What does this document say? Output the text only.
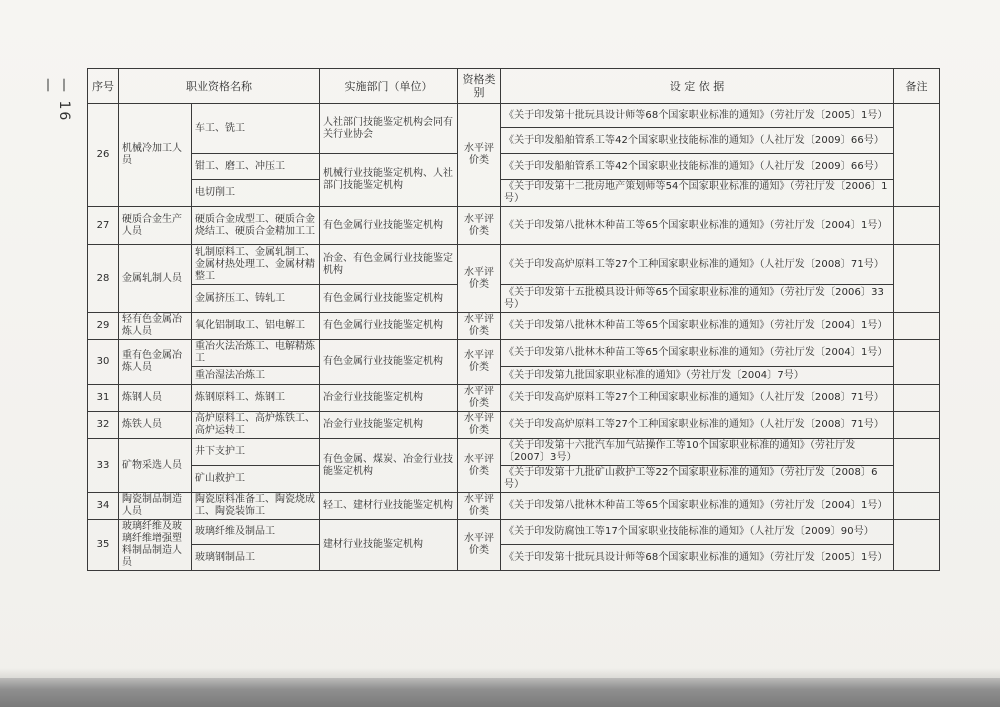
— 16 —	序号	职业资格名称		实施部门（单位）	资格类别	设 定 依 据	备注
26	机械冷加工人员	车工、铣工	人社部门技能鉴定机构会同有关行业协会	水平评价类	《关于印发第十批玩具设计师等68个国家职业标准的通知》（劳社厅发〔2005〕1号）	
					《关于印发船舶管系工等42个国家职业技能标准的通知》（人社厅发〔2009〕66号）	
		钳工、磨工、冲压工	机械行业技能鉴定机构、人社部门技能鉴定机构		《关于印发船舶管系工等42个国家职业技能标准的通知》（人社厅发〔2009〕66号）	
		电切削工			《关于印发第十二批房地产策划师等54个国家职业标准的通知》（劳社厅发〔2006〕1号）	
27	硬质合金生产人员	硬质合金成型工、硬质合金烧结工、硬质合金精加工工	有色金属行业技能鉴定机构	水平评价类	《关于印发第八批林木种苗工等65个国家职业标准的通知》（劳社厅发〔2004〕1号）	
28	金属轧制人员	轧制原料工、金属轧制工、金属材热处理工、金属材精整工	冶金、有色金属行业技能鉴定机构	水平评价类	《关于印发高炉原料工等27个工种国家职业标准的通知》（人社厅发〔2008〕71号）	
		金属挤压工、铸轧工	有色金属行业技能鉴定机构		《关于印发第十五批模具设计师等65个国家职业标准的通知》（劳社厅发〔2006〕33号）	
29	轻有色金属冶炼人员	氧化铝制取工、铝电解工	有色金属行业技能鉴定机构	水平评价类	《关于印发第八批林木种苗工等65个国家职业标准的通知》（劳社厅发〔2004〕1号）	
30	重有色金属冶炼人员	重冶火法冶炼工、电解精炼工	有色金属行业技能鉴定机构	水平评价类	《关于印发第八批林木种苗工等65个国家职业标准的通知》（劳社厅发〔2004〕1号）	
		重冶湿法冶炼工			《关于印发第九批国家职业标准的通知》（劳社厅发〔2004〕7号）	
31	炼钢人员	炼钢原料工、炼钢工	冶金行业技能鉴定机构	水平评价类	《关于印发高炉原料工等27个工种国家职业标准的通知》（人社厅发〔2008〕71号）	
32	炼铁人员	高炉原料工、高炉炼铁工、高炉运转工	冶金行业技能鉴定机构	水平评价类	《关于印发高炉原料工等27个工种国家职业标准的通知》（人社厅发〔2008〕71号）	
33	矿物采选人员	井下支护工	有色金属、煤炭、冶金行业技能鉴定机构	水平评价类	《关于印发第十六批汽车加气站操作工等10个国家职业标准的通知》（劳社厅发〔2007〕3号）	
		矿山救护工			《关于印发第十九批矿山救护工等22个国家职业标准的通知》（劳社厅发〔2008〕6号）	
34	陶瓷制品制造人员	陶瓷原料准备工、陶瓷烧成工、陶瓷装饰工	轻工、建材行业技能鉴定机构	水平评价类	《关于印发第八批林木种苗工等65个国家职业标准的通知》（劳社厅发〔2004〕1号）	
35	玻璃纤维及玻璃纤维增强塑料制品制造人员	玻璃纤维及制品工	建材行业技能鉴定机构	水平评价类	《关于印发防腐蚀工等17个国家职业技能标准的通知》（人社厅发〔2009〕90号）	
		玻璃钢制品工			《关于印发第十批玩具设计师等68个国家职业标准的通知》（劳社厅发〔2005〕1号）	
